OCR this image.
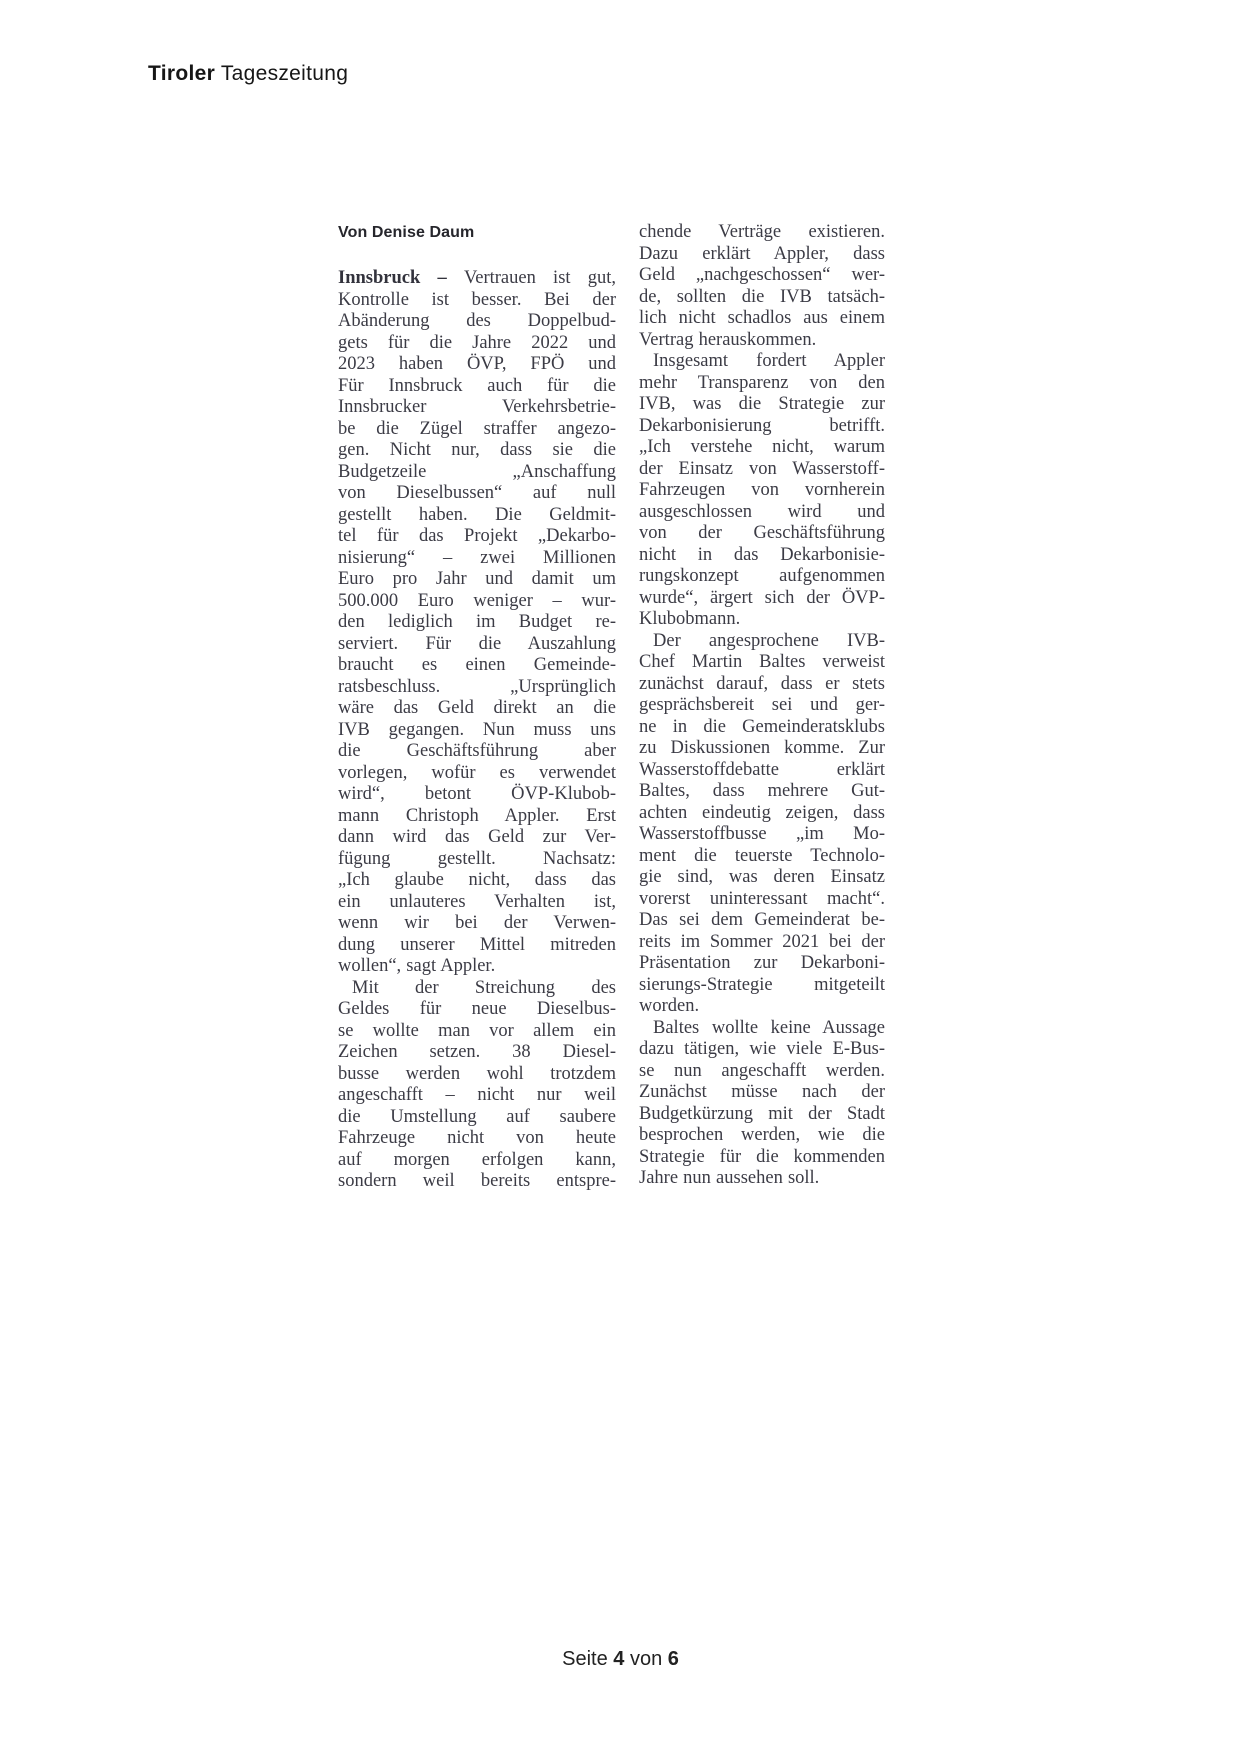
Tiroler Tageszeitung
Von Denise Daum
Innsbruck – Vertrauen ist gut,
Kontrolle ist besser. Bei der
Abänderung des Doppelbud-
gets für die Jahre 2022 und
2023 haben ÖVP, FPÖ und
Für Innsbruck auch für die
Innsbrucker Verkehrsbetrie-
be die Zügel straffer angezo-
gen. Nicht nur, dass sie die
Budgetzeile „Anschaffung
von Dieselbussen“ auf null
gestellt haben. Die Geldmit-
tel für das Projekt „Dekarbo-
nisierung“ – zwei Millionen
Euro pro Jahr und damit um
500.000 Euro weniger – wur-
den lediglich im Budget re-
serviert. Für die Auszahlung
braucht es einen Gemeinde-
ratsbeschluss. „Ursprünglich
wäre das Geld direkt an die
IVB gegangen. Nun muss uns
die Geschäftsführung aber
vorlegen, wofür es verwendet
wird“, betont ÖVP-Klubob-
mann Christoph Appler. Erst
dann wird das Geld zur Ver-
fügung gestellt. Nachsatz:
„Ich glaube nicht, dass das
ein unlauteres Verhalten ist,
wenn wir bei der Verwen-
dung unserer Mittel mitreden
wollen“, sagt Appler.
Mit der Streichung des
Geldes für neue Dieselbus-
se wollte man vor allem ein
Zeichen setzen. 38 Diesel-
busse werden wohl trotzdem
angeschafft – nicht nur weil
die Umstellung auf saubere
Fahrzeuge nicht von heute
auf morgen erfolgen kann,
sondern weil bereits entspre-
chende Verträge existieren.
Dazu erklärt Appler, dass
Geld „nachgeschossen“ wer-
de, sollten die IVB tatsäch-
lich nicht schadlos aus einem
Vertrag herauskommen.
Insgesamt fordert Appler
mehr Transparenz von den
IVB, was die Strategie zur
Dekarbonisierung betrifft.
„Ich verstehe nicht, warum
der Einsatz von Wasserstoff-
Fahrzeugen von vornherein
ausgeschlossen wird und
von der Geschäftsführung
nicht in das Dekarbonisie-
rungskonzept aufgenommen
wurde“, ärgert sich der ÖVP-
Klubobmann.
Der angesprochene IVB-
Chef Martin Baltes verweist
zunächst darauf, dass er stets
gesprächsbereit sei und ger-
ne in die Gemeinderatsklubs
zu Diskussionen komme. Zur
Wasserstoffdebatte erklärt
Baltes, dass mehrere Gut-
achten eindeutig zeigen, dass
Wasserstoffbusse „im Mo-
ment die teuerste Technolo-
gie sind, was deren Einsatz
vorerst uninteressant macht“.
Das sei dem Gemeinderat be-
reits im Sommer 2021 bei der
Präsentation zur Dekarboni-
sierungs-Strategie mitgeteilt
worden.
Baltes wollte keine Aussage
dazu tätigen, wie viele E-Bus-
se nun angeschafft werden.
Zunächst müsse nach der
Budgetkürzung mit der Stadt
besprochen werden, wie die
Strategie für die kommenden
Jahre nun aussehen soll.
Seite 4 von 6
